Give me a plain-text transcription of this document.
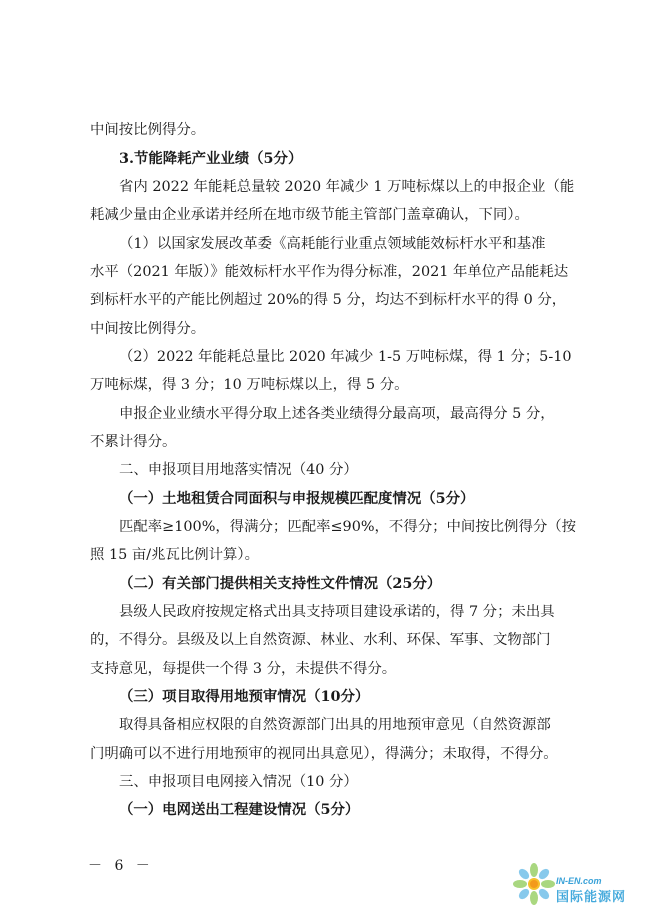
中间按比例得分。
3.节能降耗产业业绩（5分）
省内 2022 年能耗总量较 2020 年减少 1 万吨标煤以上的申报企业（能
耗减少量由企业承诺并经所在地市级节能主管部门盖章确认，下同）。
（1）以国家发展改革委《高耗能行业重点领域能效标杆水平和基准
水平（2021 年版）》能效标杆水平作为得分标准，2021 年单位产品能耗达
到标杆水平的产能比例超过 20%的得 5 分，均达不到标杆水平的得 0 分，
中间按比例得分。
（2）2022 年能耗总量比 2020 年减少 1-5 万吨标煤，得 1 分；5-10
万吨标煤，得 3 分；10 万吨标煤以上，得 5 分。
申报企业业绩水平得分取上述各类业绩得分最高项，最高得分 5 分，
不累计得分。
二、申报项目用地落实情况（40 分）
（一）土地租赁合同面积与申报规模匹配度情况（5分）
匹配率≥100%，得满分；匹配率≤90%，不得分；中间按比例得分（按
照 15 亩/兆瓦比例计算）。
（二）有关部门提供相关支持性文件情况（25分）
县级人民政府按规定格式出具支持项目建设承诺的，得 7 分；未出具
的，不得分。县级及以上自然资源、林业、水利、环保、军事、文物部门
支持意见，每提供一个得 3 分，未提供不得分。
（三）项目取得用地预审情况（10分）
取得具备相应权限的自然资源部门出具的用地预审意见（自然资源部
门明确可以不进行用地预审的视同出具意见），得满分；未取得，不得分。
三、申报项目电网接入情况（10 分）
（一）电网送出工程建设情况（5分）
－ 6 －
IN-EN.com
国际能源网
